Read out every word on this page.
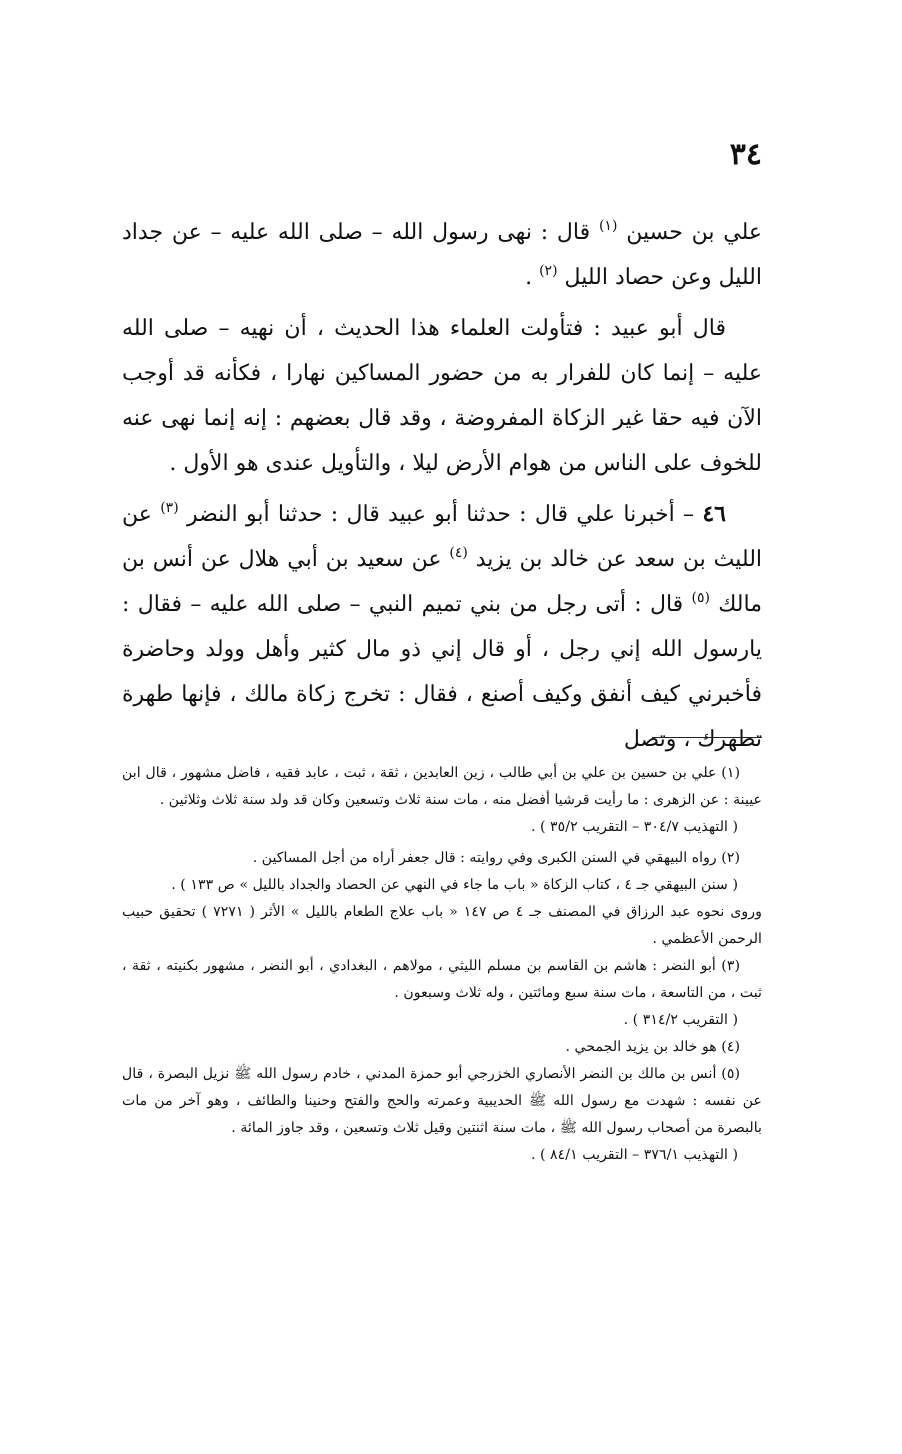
٣٤

علي بن حسين $^{(١)}$ قال : نهى رسول الله – صلى الله عليه – عن جداد الليل وعن حصاد الليل $^{(٢)}$ .

قال أبو عبيد : فتأولت العلماء هذا الحديث ، أن نهيه – صلى الله عليه – إنما كان للفرار به من حضور المساكين نهارا ، فكأنه قد أوجب الآن فيه حقا غير الزكاة المفروضة ، وقد قال بعضهم : إنه إنما نهى عنه للخوف على الناس من هوام الأرض ليلا ، والتأويل عندى هو الأول .

٤٦ – أخبرنا علي قال : حدثنا أبو عبيد قال : حدثنا أبو النضر $^{(٣)}$ عن الليث بن سعد عن خالد بن يزيد $^{(٤)}$ عن سعيد بن أبي هلال عن أنس بن مالك $^{(٥)}$ قال : أتى رجل من بني تميم النبي – صلى الله عليه – فقال : يارسول الله إني رجل ، أو قال إني ذو مال كثير وأهل وولد وحاضرة فأخبرني كيف أنفق وكيف أصنع ، فقال : تخرج زكاة مالك ، فإنها طهرة تطهرك ، وتصل

(١) علي بن حسين بن علي بن أبي طالب ، زين العابدين ، ثقة ، ثبت ، عابد فقيه ، فاضل مشهور ، قال ابن عيينة : عن الزهرى : ما رأيت قرشيا أفضل منه ، مات سنة ثلاث وتسعين وكان قد ولد سنة ثلاث وثلاثين .

( التهذيب ٣٠٤/٧ – التقريب ٣٥/٢ ) .

(٢) رواه البيهقي في السنن الكبرى وفي روايته : قال جعفر أراه من أجل المساكين .

( سنن البيهقي جـ ٤ ، كتاب الزكاة « باب ما جاء في النهي عن الحصاد والجداد بالليل » ص ١٣٣ ) .

وروى نحوه عبد الرزاق في المصنف جـ ٤ ص ١٤٧ « باب علاج الطعام بالليل » الأثر ( ٧٢٧١ ) تحقيق حبيب الرحمن الأعظمي .

(٣) أبو النضر : هاشم بن القاسم بن مسلم الليثي ، مولاهم ، البغدادي ، أبو النضر ، مشهور بكنيته ، ثقة ، ثبت ، من التاسعة ، مات سنة سبع ومائتين ، وله ثلاث وسبعون .

( التقريب ٣١٤/٢ ) .

(٤) هو خالد بن يزيد الجمحي .

(٥) أنس بن مالك بن النضر الأنصاري الخزرجي أبو حمزة المدني ، خادم رسول الله ﷺ نزيل البصرة ، قال عن نفسه : شهدت مع رسول الله ﷺ الحديبية وعمرته والحج والفتح وحنينا والطائف ، وهو آخر من مات بالبصرة من أصحاب رسول الله ﷺ ، مات سنة اثنتين وقيل ثلاث وتسعين ، وقد جاوز المائة .

( التهذيب ٣٧٦/١ – التقريب ٨٤/١ ) .
